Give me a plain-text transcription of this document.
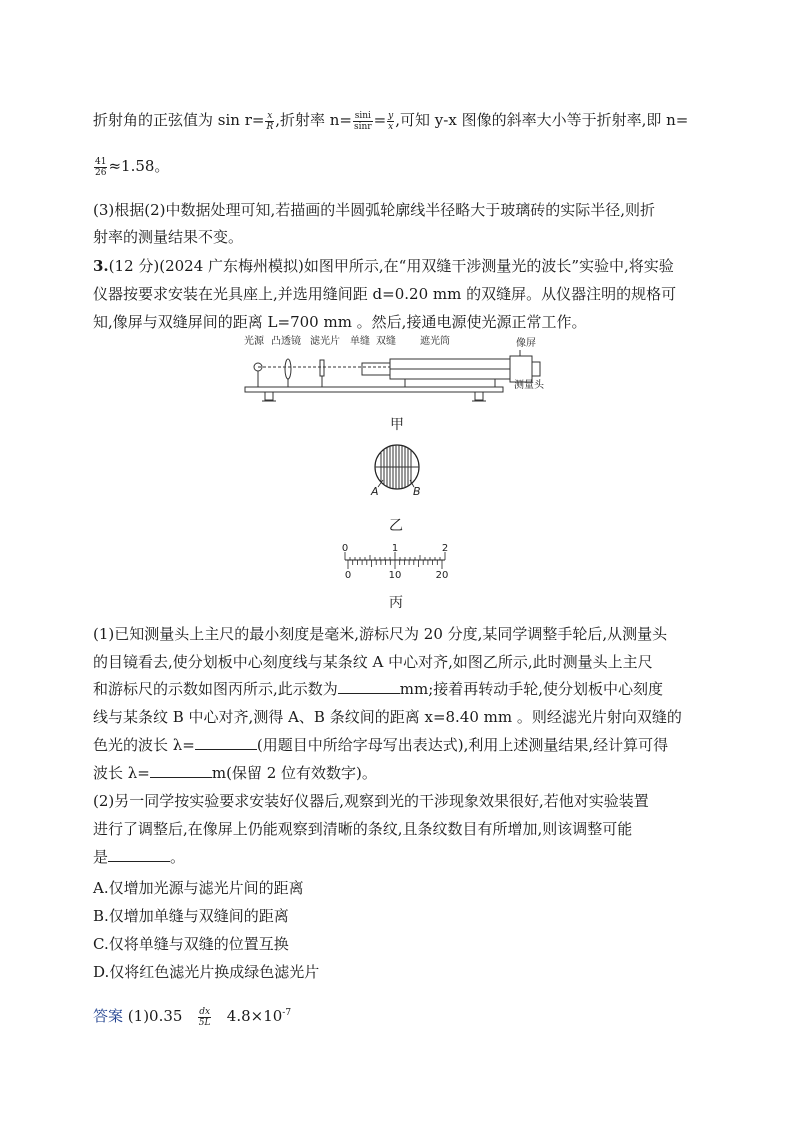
折射角的正弦值为 $\sin r= \frac{x}{R}$ ,折射率 $n= \frac{\sin i}{\sin r} = \frac{y}{x}$ ,可知 y-x 图像的斜率大小等于折射率,即 n=
$\frac{41}{26} \approx 1.58$。
(3)根据(2)中数据处理可知,若描画的半圆弧轮廓线半径略大于玻璃砖的实际半径,则折
射率的测量结果不变。
3.(12 分)(2024 广东梅州模拟)如图甲所示,在“用双缝干涉测量光的波长”实验中,将实验
仪器按要求安装在光具座上,并选用缝间距 d=0.20 mm 的双缝屏。从仪器注明的规格可
知,像屏与双缝屏间的距离 L=700 mm 。然后,接通电源使光源正常工作。
光源 凸透镜 滤光片 单缝 双缝 遮光筒	像屏
测量头
甲
A	B
乙
0	1	2
0	10	20
丙
(1)已知测量头上主尺的最小刻度是毫米,游标尺为 20 分度,某同学调整手轮后,从测量头
的目镜看去,使分划板中心刻度线与某条纹 A 中心对齐,如图乙所示,此时测量头上主尺
和游标尺的示数如图丙所示,此示数为	mm;接着再转动手轮,使分划板中心刻度
线与某条纹 B 中心对齐,测得 A、B 条纹间的距离 x=8.40 mm 。则经滤光片射向双缝的
色光的波长 λ=	(用题目中所给字母写出表达式),利用上述测量结果,经计算可得
波长 λ=	m(保留 2 位有效数字)。
(2)另一同学按实验要求安装好仪器后,观察到光的干涉现象效果很好,若他对实验装置
进行了调整后,在像屏上仍能观察到清晰的条纹,且条纹数目有所增加,则该调整可能
是	。
A.仅增加光源与滤光片间的距离
B.仅增加单缝与双缝间的距离
C.仅将单缝与双缝的位置互换
D.仅将红色滤光片换成绿色滤光片
答案 $(1)0.35 \frac{dx}{5L} 4.8\times 10^{-7}$
